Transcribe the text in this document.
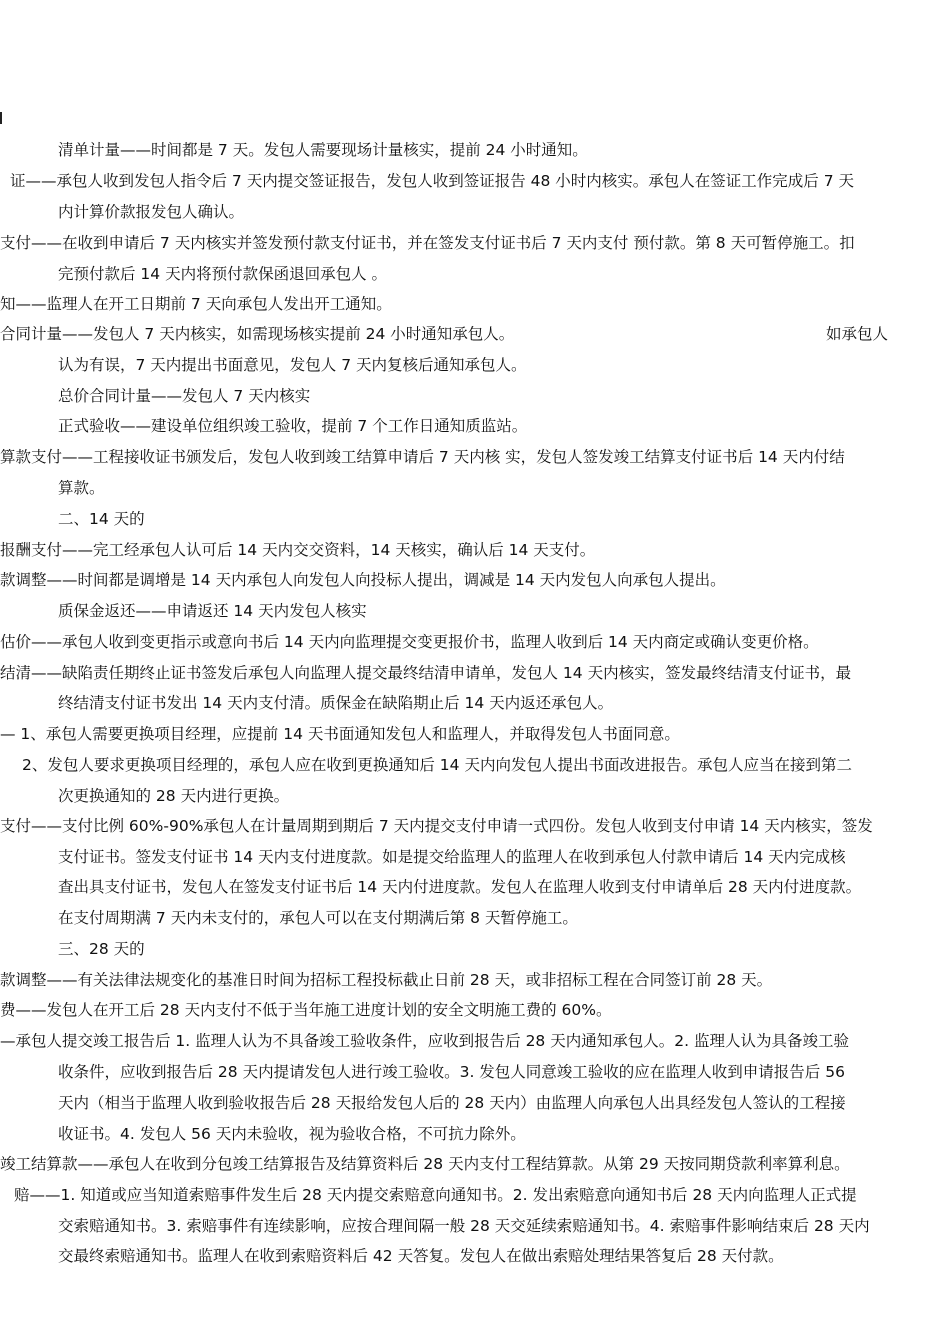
清单计量——时间都是 7 天。发包人需要现场计量核实，提前 24 小时通知。
证——承包人收到发包人指令后 7 天内提交签证报告，发包人收到签证报告 48 小时内核实。承包人在签证工作完成后 7 天
内计算价款报发包人确认。
支付——在收到申请后 7 天内核实并签发预付款支付证书，并在签发支付证书后 7 天内支付 预付款。第 8 天可暂停施工。扣
完预付款后 14 天内将预付款保函退回承包人 。
知——监理人在开工日期前 7 天向承包人发出开工通知。
合同计量——发包人 7 天内核实，如需现场核实提前 24 小时通知承包人。	如承包人
认为有误，7 天内提出书面意见，发包人 7 天内复核后通知承包人。
总价合同计量——发包人 7 天内核实
正式验收——建设单位组织竣工验收，提前 7 个工作日通知质监站。
算款支付——工程接收证书颁发后，发包人收到竣工结算申请后 7 天内核 实，发包人签发竣工结算支付证书后 14 天内付结
算款。
二、14 天的
报酬支付——完工经承包人认可后 14 天内交交资料，14 天核实，确认后 14 天支付。
款调整——时间都是调增是 14 天内承包人向发包人向投标人提出，调减是 14 天内发包人向承包人提出。
质保金返还——申请返还 14 天内发包人核实
估价——承包人收到变更指示或意向书后 14 天内向监理提交变更报价书，监理人收到后 14 天内商定或确认变更价格。
结清——缺陷责任期终止证书签发后承包人向监理人提交最终结清申请单，发包人 14 天内核实，签发最终结清支付证书，最
终结清支付证书发出 14 天内支付清。质保金在缺陷期止后 14 天内返还承包人。
— 1、承包人需要更换项目经理，应提前 14 天书面通知发包人和监理人，并取得发包人书面同意。
2、发包人要求更换项目经理的，承包人应在收到更换通知后 14 天内向发包人提出书面改进报告。承包人应当在接到第二
次更换通知的 28 天内进行更换。
支付——支付比例 60%-90%承包人在计量周期到期后 7 天内提交支付申请一式四份。发包人收到支付申请 14 天内核实，签发
支付证书。签发支付证书 14 天内支付进度款。如是提交给监理人的监理人在收到承包人付款申请后 14 天内完成核
查出具支付证书，发包人在签发支付证书后 14 天内付进度款。发包人在监理人收到支付申请单后 28 天内付进度款。
在支付周期满 7 天内未支付的，承包人可以在支付期满后第 8 天暂停施工。
三、28 天的
款调整——有关法律法规变化的基准日时间为招标工程投标截止日前 28 天，或非招标工程在合同签订前 28 天。
费——发包人在开工后 28 天内支付不低于当年施工进度计划的安全文明施工费的 60%。
—承包人提交竣工报告后 1. 监理人认为不具备竣工验收条件，应收到报告后 28 天内通知承包人。2. 监理人认为具备竣工验
收条件，应收到报告后 28 天内提请发包人进行竣工验收。3. 发包人同意竣工验收的应在监理人收到申请报告后 56
天内（相当于监理人收到验收报告后 28 天报给发包人后的 28 天内）由监理人向承包人出具经发包人签认的工程接
收证书。4. 发包人 56 天内未验收，视为验收合格，不可抗力除外。
竣工结算款——承包人在收到分包竣工结算报告及结算资料后 28 天内支付工程结算款。从第 29 天按同期贷款利率算利息。
赔——1. 知道或应当知道索赔事件发生后 28 天内提交索赔意向通知书。2. 发出索赔意向通知书后 28 天内向监理人正式提
交索赔通知书。3. 索赔事件有连续影响，应按合理间隔一般 28 天交延续索赔通知书。4. 索赔事件影响结束后 28 天内
交最终索赔通知书。监理人在收到索赔资料后 42 天答复。发包人在做出索赔处理结果答复后 28 天付款。
